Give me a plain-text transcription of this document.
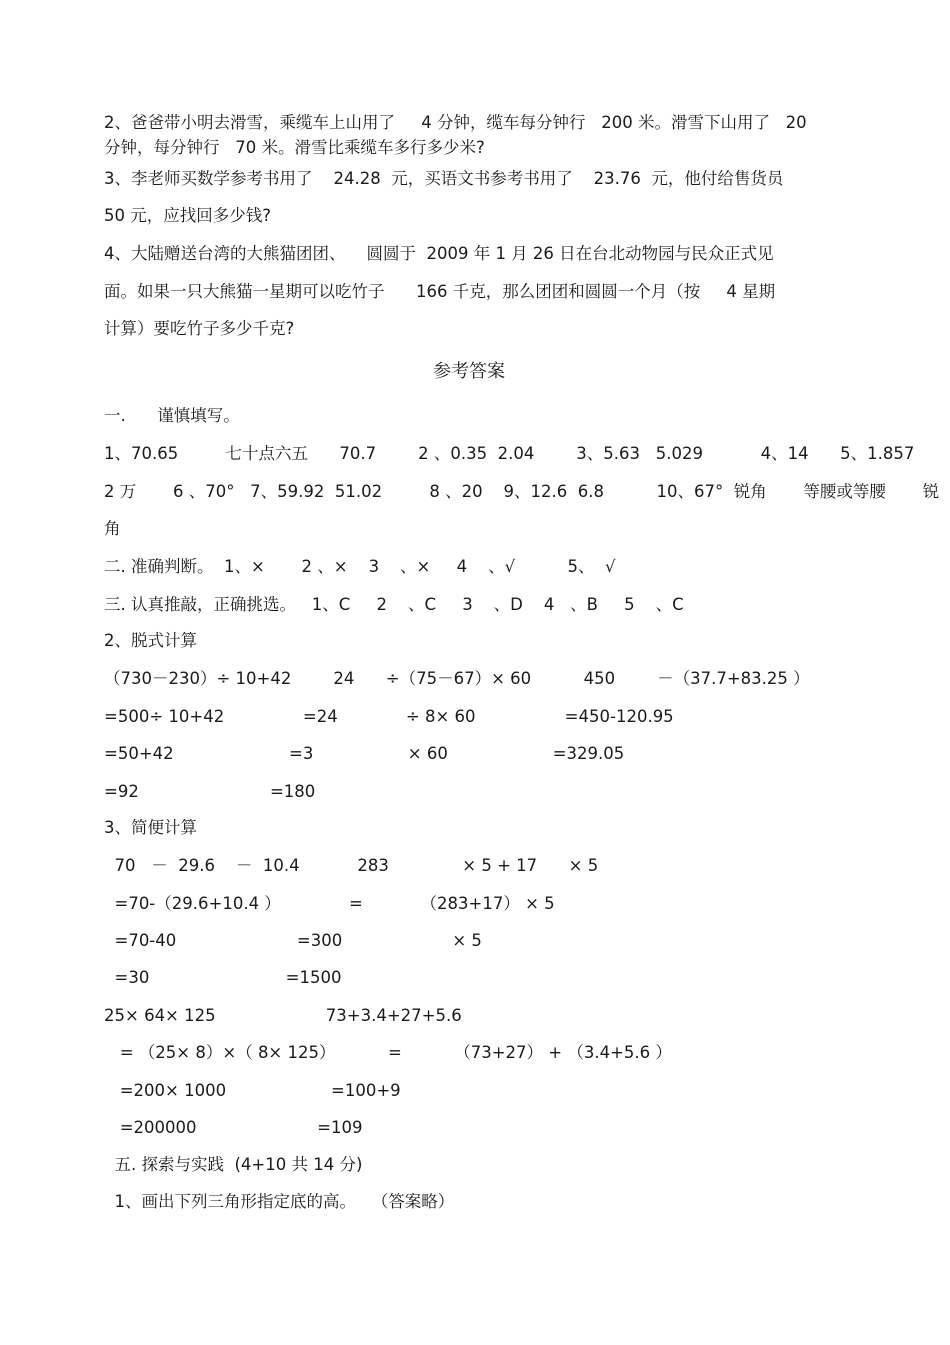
2、爸爸带小明去滑雪，乘缆车上山用了     4 分钟，缆车每分钟行   200 米。滑雪下山用了   20
分钟，每分钟行   70 米。滑雪比乘缆车多行多少米?
3、李老师买数学参考书用了    24.28  元，买语文书参考书用了    23.76  元，他付给售货员
50 元，应找回多少钱?
4、大陆赠送台湾的大熊猫团团、    圆圆于  2009 年 1 月 26 日在台北动物园与民众正式见
面。如果一只大熊猫一星期可以吃竹子      166 千克，那么团团和圆圆一个月（按     4 星期
计算）要吃竹子多少千克?
参考答案
一.      谨慎填写。
1、70.65         七十点六五      70.7        2 、0.35  2.04        3、5.63   5.029           4、14      5、1.857
2 万       6 、70°   7、59.92  51.02         8 、20    9、12.6  6.8          10、67°  锐角       等腰或等腰       锐
角
二. 准确判断。  1、×       2 、×    3    、×     4    、√          5、  √
三. 认真推敲，正确挑选。   1、C     2    、C     3    、D    4   、B     5    、C
2、脱式计算
（730－230）÷ 10+42        24      ÷（75－67）× 60          450        －（37.7+83.25 ）
=500÷ 10+42               =24             ÷ 8× 60                 =450-120.95
=50+42                      =3                  × 60                    =329.05
=92                         =180
3、简便计算
70   －  29.6    －  10.4           283              × 5 + 17      × 5
=70-（29.6+10.4 ）             =           （283+17） × 5
=70-40                       =300                     × 5
=30                          =1500
25× 64× 125                     73+3.4+27+5.6
= （25× 8）×（ 8× 125）          =          （73+27） + （3.4+5.6 ）
=200× 1000                    =100+9
=200000                       =109
五. 探索与实践  (4+10 共 14 分)
1、画出下列三角形指定底的高。   （答案略）
